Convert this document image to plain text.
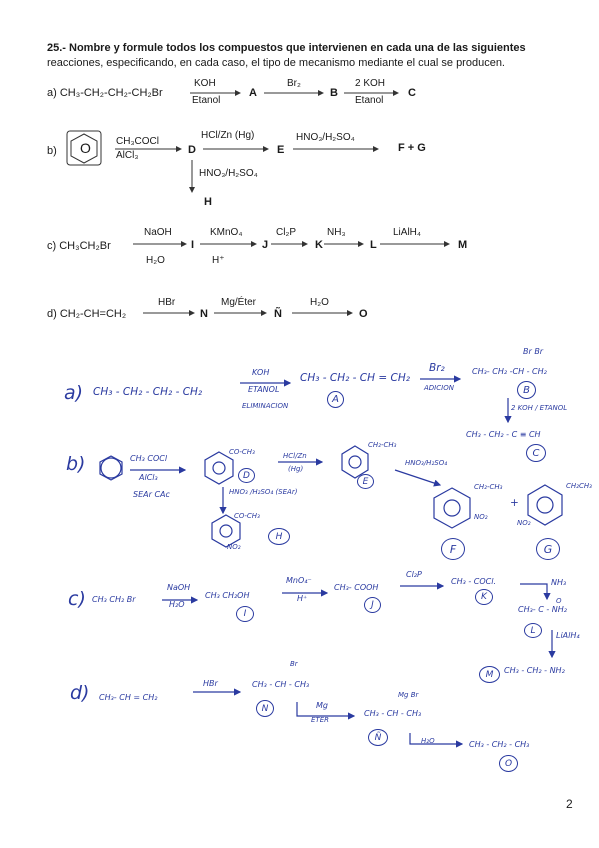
25.- Nombre y formule todos los compuestos que intervienen en cada una de las siguientes
reacciones, especificando, en cada caso, el tipo de mecanismo mediante el cual se producen.
a) CH₃-CH₂-CH₂-CH₂Br
KOH
Etanol
A
Br₂
B
2 KOH
Etanol
C
b) O	CH₃COCl
AlCl₃	D
HCl/Zn (Hg)
E
HNO₃/H₂SO₄
F + G
HNO₃/H₂SO₄
H
c) CH₃CH₂Br
NaOH
H₂O
I
KMnO₄
H⁺
J
Cl₂P
K
NH₃
L
LiAlH₄
M
d) CH₂-CH=CH₂
HBr
N
Mg/Éter
Ñ
H₂O
O
a) CH₃ - CH₂ - CH₂ - CH₂
KOH
ETANOL
ELIMINACION
CH₃ - CH₂ - CH = CH₂
A
Br₂
ADICION
Br Br
CH₃- CH₂ -CH - CH₂
B
2 KOH / ETANOL
CH₃ - CH₂ - C ≡ CH
C
b)	CH₃ COCl
AlCl₃
SEAr CAc
CO-CH₃
D
HCl/Zn
(Hg)
CH₂-CH₃
E
HNO₃/H₂SO₄
CH₂-CH₃
NO₂
F
+
CH₂CH₃
NO₂
G
HNO₃ /H₂SO₄ (SEAr)
CO-CH₃
NO₂
H
c) CH₃ CH₂ Br
NaOH
H₂O
CH₃ CH₂OH
I
MnO₄⁻
H⁺
CH₃- COOH
J
Cl₂P
CH₃ - COCl.
K
NH₃
O
CH₃- C - NH₂
L	LiAlH₄
CH₃ - CH₂ - NH₂
M
d) CH₃- CH = CH₂
HBr
Br
CH₃ - CH - CH₃
N	Mg
ETER
Mg Br
CH₃ - CH - CH₃
Ñ	H₂O	CH₃ - CH₂ - CH₃
O
2
